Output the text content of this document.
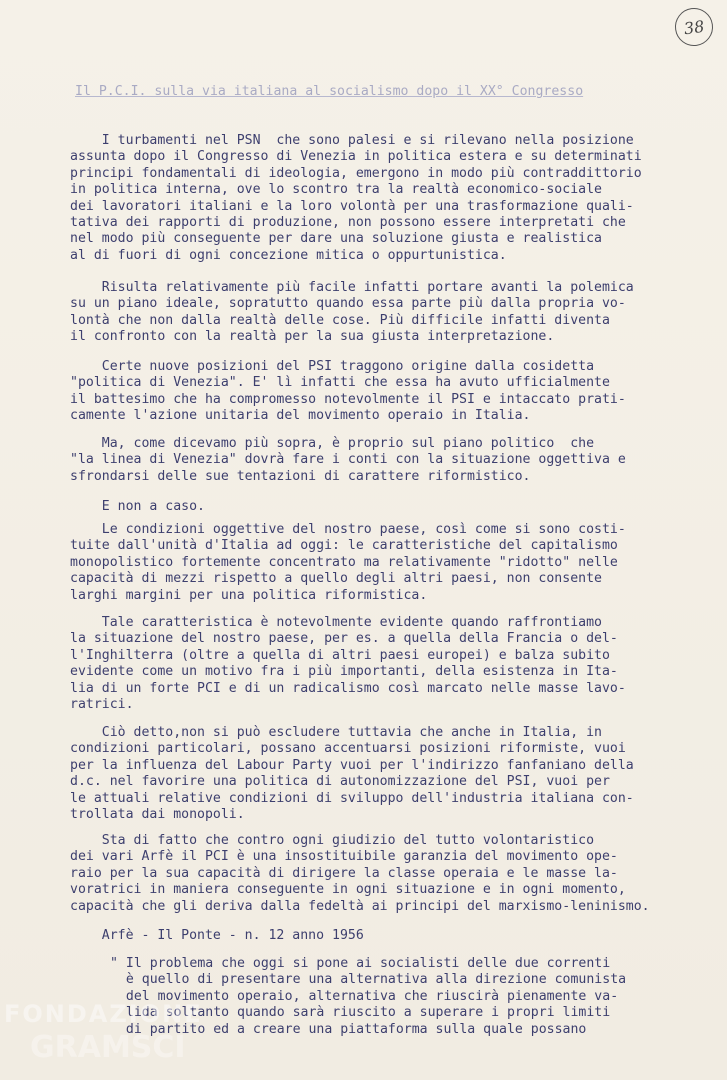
38
Il P.C.I. sulla via italiana al socialismo dopo il XX° Congresso
I turbamenti nel PSN  che sono palesi e si rilevano nella posizione
assunta dopo il Congresso di Venezia in politica estera e su determinati
principi fondamentali di ideologia, emergono in modo più contraddittorio
in politica interna, ove lo scontro tra la realtà economico-sociale
dei lavoratori italiani e la loro volontà per una trasformazione quali-
tativa dei rapporti di produzione, non possono essere interpretati che
nel modo più conseguente per dare una soluzione giusta e realistica
al di fuori di ogni concezione mitica o oppurtunistica.
Risulta relativamente più facile infatti portare avanti la polemica
su un piano ideale, sopratutto quando essa parte più dalla propria vo-
lontà che non dalla realtà delle cose. Più difficile infatti diventa
il confronto con la realtà per la sua giusta interpretazione.
Certe nuove posizioni del PSI traggono origine dalla cosidetta
"politica di Venezia". E' lì infatti che essa ha avuto ufficialmente
il battesimo che ha compromesso notevolmente il PSI e intaccato prati-
camente l'azione unitaria del movimento operaio in Italia.
Ma, come dicevamo più sopra, è proprio sul piano politico  che
"la linea di Venezia" dovrà fare i conti con la situazione oggettiva e
sfrondarsi delle sue tentazioni di carattere riformistico.
E non a caso.
Le condizioni oggettive del nostro paese, così come si sono costi-
tuite dall'unità d'Italia ad oggi: le caratteristiche del capitalismo
monopolistico fortemente concentrato ma relativamente "ridotto" nelle
capacità di mezzi rispetto a quello degli altri paesi, non consente
larghi margini per una politica riformistica.
Tale caratteristica è notevolmente evidente quando raffrontiamo
la situazione del nostro paese, per es. a quella della Francia o del-
l'Inghilterra (oltre a quella di altri paesi europei) e balza subito
evidente come un motivo fra i più importanti, della esistenza in Ita-
lia di un forte PCI e di un radicalismo così marcato nelle masse lavo-
ratrici.
Ciò detto,non si può escludere tuttavia che anche in Italia, in
condizioni particolari, possano accentuarsi posizioni riformiste, vuoi
per la influenza del Labour Party vuoi per l'indirizzo fanfaniano della
d.c. nel favorire una politica di autonomizzazione del PSI, vuoi per
le attuali relative condizioni di sviluppo dell'industria italiana con-
trollata dai monopoli.
Sta di fatto che contro ogni giudizio del tutto volontaristico
dei vari Arfè il PCI è una insostituibile garanzia del movimento ope-
raio per la sua capacità di dirigere la classe operaia e le masse la-
voratrici in maniera conseguente in ogni situazione e in ogni momento,
capacità che gli deriva dalla fedeltà ai principi del marxismo-leninismo.
Arfè - Il Ponte - n. 12 anno 1956
" Il problema che oggi si pone ai socialisti delle due correnti
è quello di presentare una alternativa alla direzione comunista
del movimento operaio, alternativa che riuscirà pienamente va-
lida soltanto quando sarà riuscito a superare i propri limiti
di partito ed a creare una piattaforma sulla quale possano
FONDAZIONE
GRAMSCI
